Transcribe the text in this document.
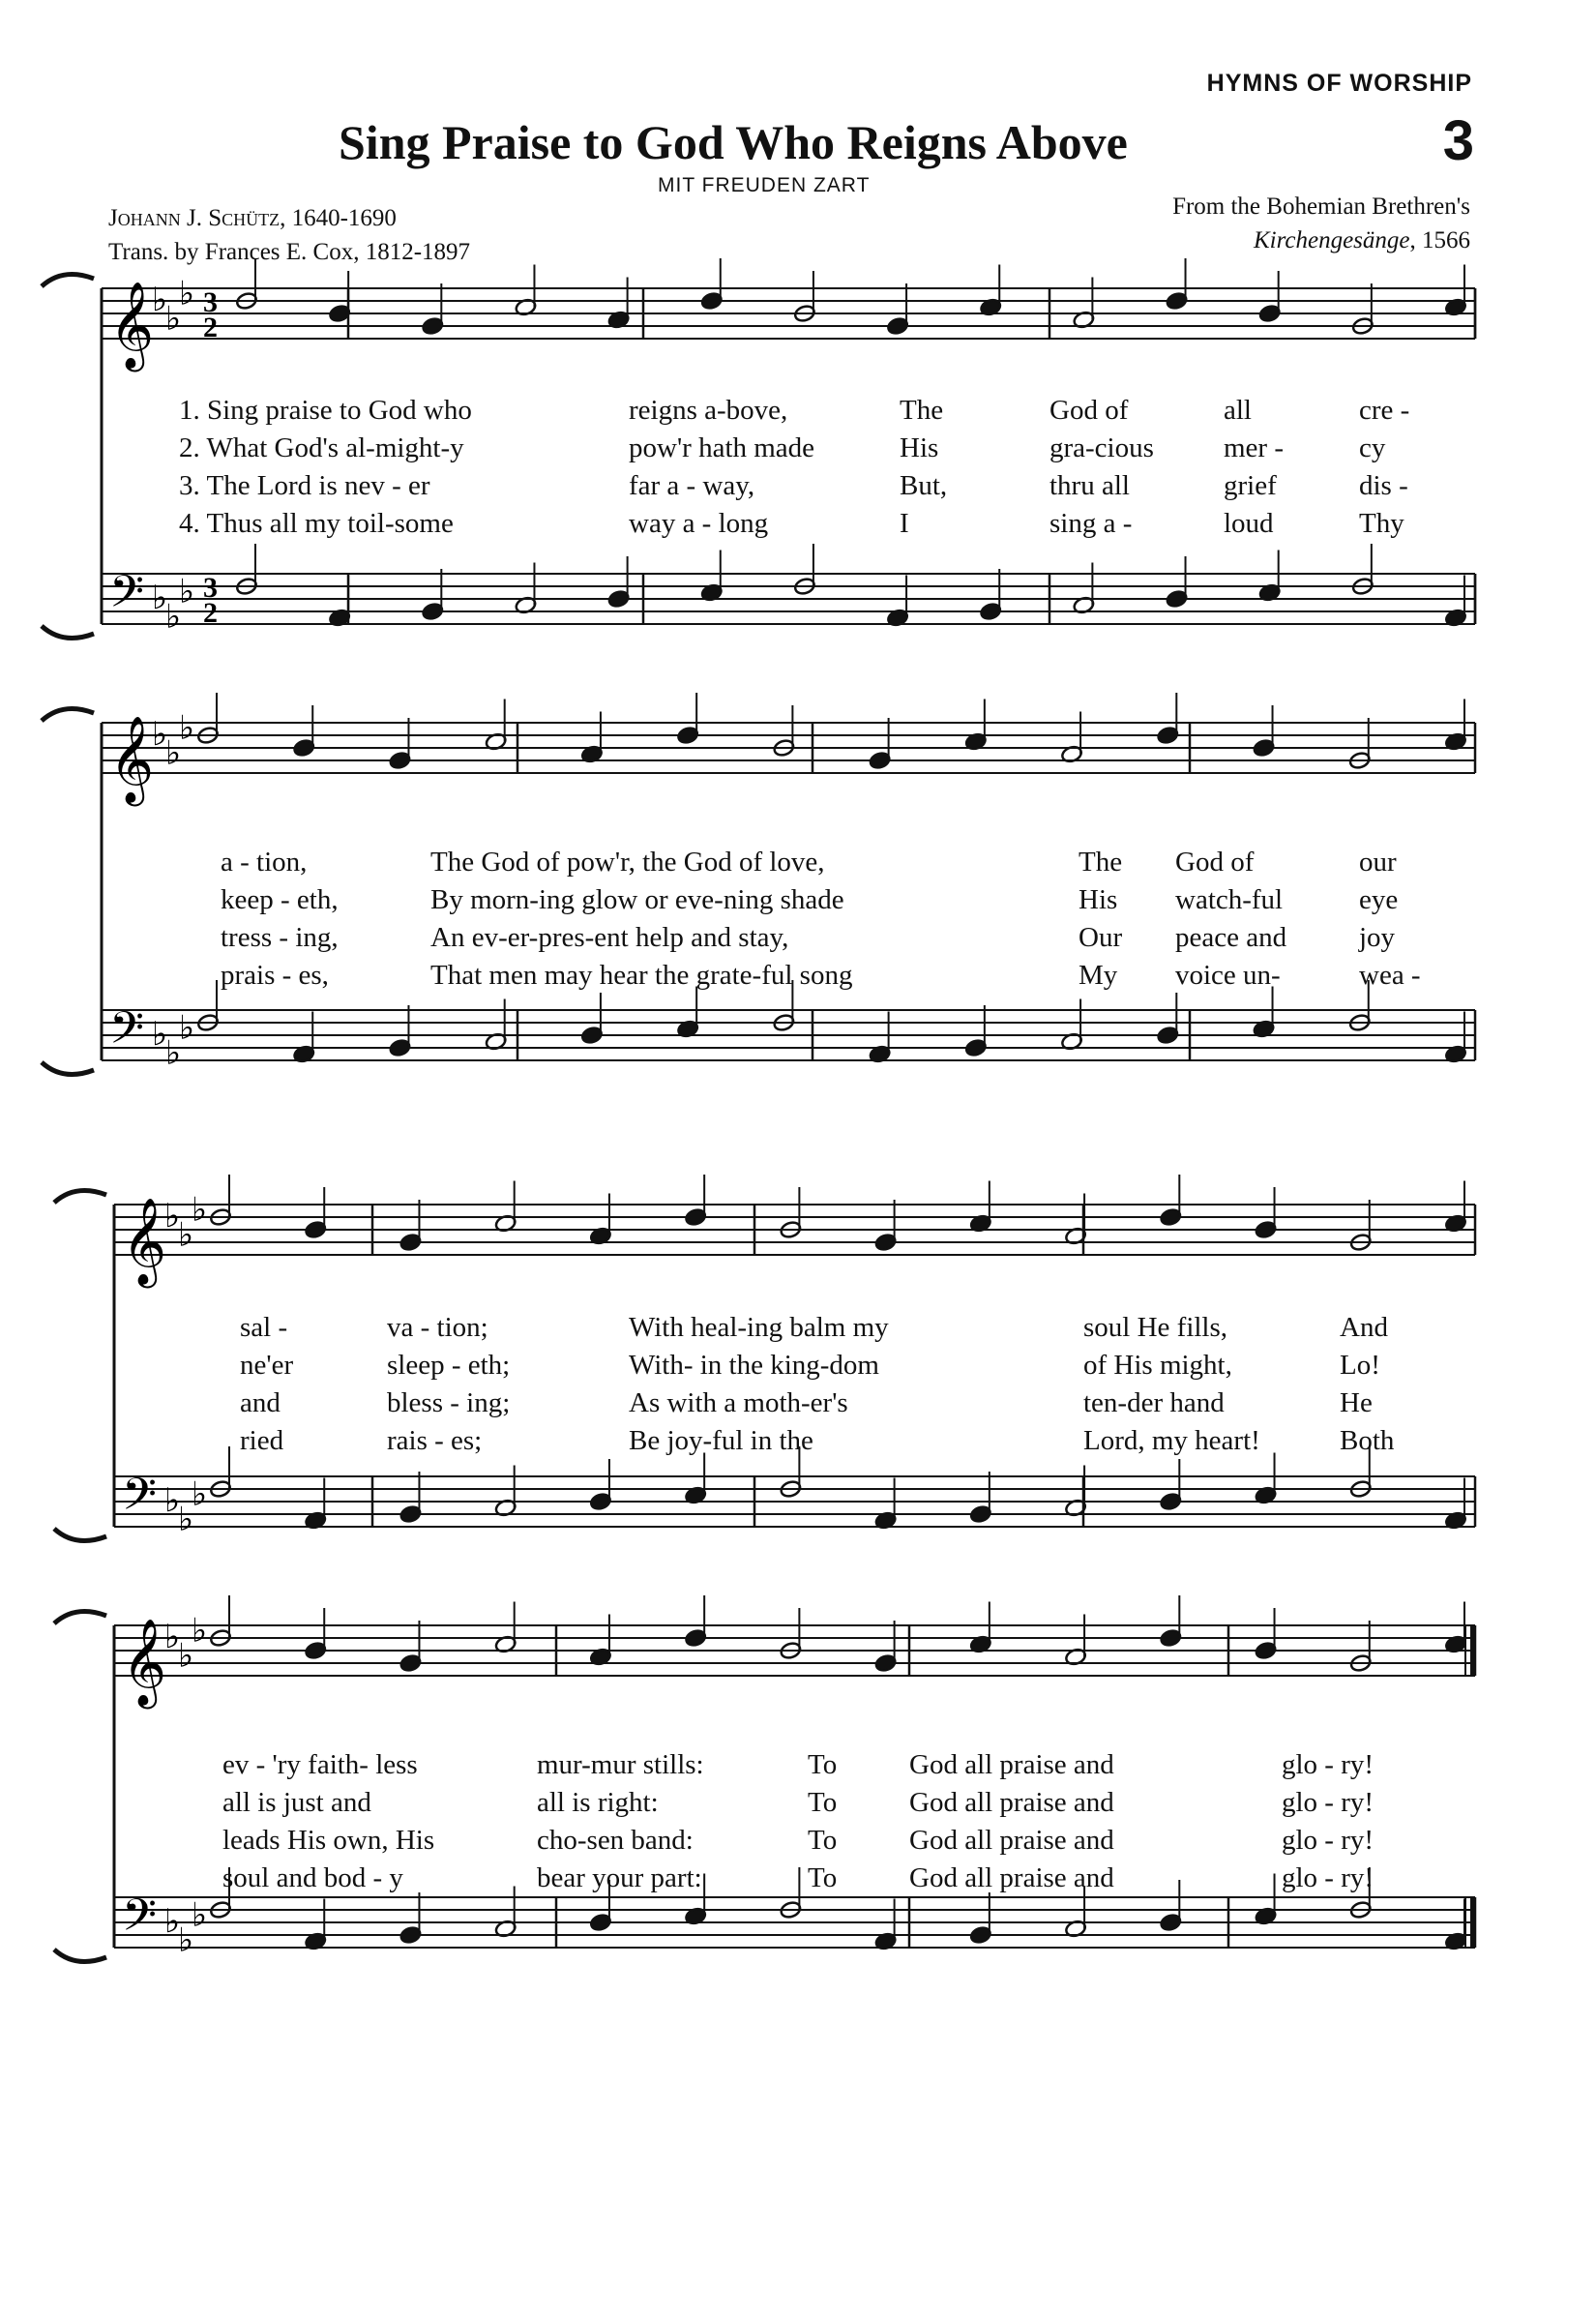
HYMNS OF WORSHIP
3
Sing Praise to God Who Reigns Above
MIT FREUDEN ZART
Johann J. Schütz, 1640-1690
Trans. by Frances E. Cox, 1812-1897
From the Bohemian Brethren's
Kirchengesänge, 1566
𝄞
𝄢
♭
♭
♭
♭
♭
♭
3
2
3
2
𝄞
𝄢
♭
♭
♭
♭
♭
♭
𝄞
𝄢
♭
♭
♭
♭
♭
♭
𝄞
𝄢
♭
♭
♭
♭
♭
♭
1. Sing praise to God who	reigns a-bove,	The	God of	all	cre -
2. What God's al-might-y	pow'r hath made	His	gra-cious mer -	cy
3. The Lord is nev - er	far a - way,	But,	thru all	grief	dis -
4. Thus all my toil-some	way a - long	I	sing a -	loud	Thy
a - tion,	The God of pow'r, the God of love,	The God of	our
keep - eth,	By morn-ing glow or eve-ning shade	His watch-ful	eye
tress - ing,	An ev-er-pres-ent help and stay,	Our peace and	joy
prais - es,	That men may hear the grate-ful song	My voice un-	wea -
sal -	va - tion;	With heal-ing balm my	soul He fills,	And
ne'er	sleep - eth;	With- in the king-dom	of His might,	Lo!
and	bless - ing;	As with a moth-er's	ten-der hand	He
ried	rais - es;	Be joy-ful in the	Lord, my heart!	Both
ev - 'ry faith- less	mur-mur stills:	To	God all praise and	glo - ry!
all is just and	all is right:	To	God all praise and	glo - ry!
leads His own, His	cho-sen band:	To	God all praise and	glo - ry!
soul and bod - y	bear your part:	To	God all praise and	glo - ry!
